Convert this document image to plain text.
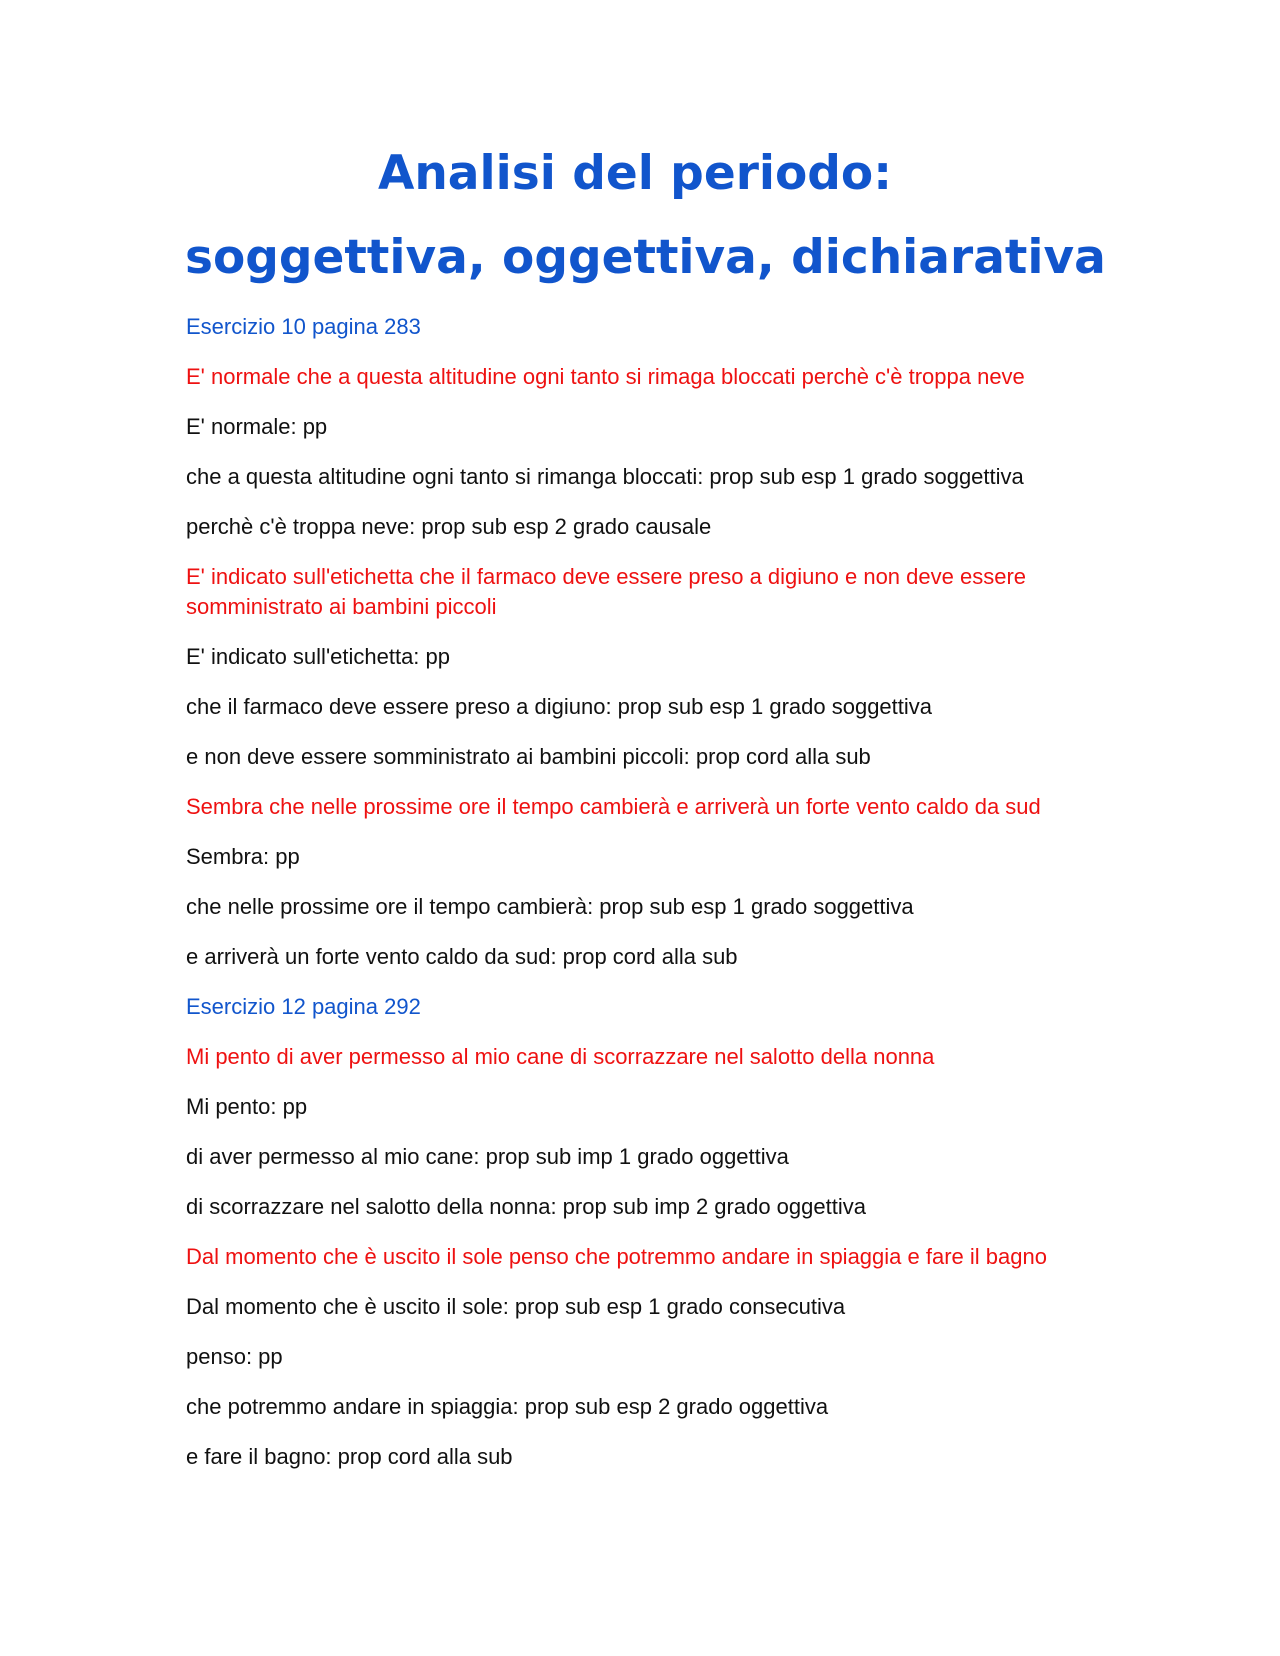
Analisi del periodo:
soggettiva, oggettiva, dichiarativa

Esercizio 10 pagina 283

E' normale che a questa altitudine ogni tanto si rimaga bloccati perchè c'è troppa neve

E' normale: pp

che a questa altitudine ogni tanto si rimanga bloccati: prop sub esp 1 grado soggettiva

perchè c'è troppa neve: prop sub esp 2 grado causale

E' indicato sull'etichetta che il farmaco deve essere preso a digiuno e non deve essere somministrato ai bambini piccoli

E' indicato sull'etichetta: pp

che il farmaco deve essere preso a digiuno: prop sub esp 1 grado soggettiva

e non deve essere somministrato ai bambini piccoli: prop cord alla sub

Sembra che nelle prossime ore il tempo cambierà e arriverà un forte vento caldo da sud

Sembra: pp

che nelle prossime ore il tempo cambierà: prop sub esp 1 grado soggettiva

e arriverà un forte vento caldo da sud: prop cord alla sub

Esercizio 12 pagina 292

Mi pento di aver permesso al mio cane di scorrazzare nel salotto della nonna

Mi pento: pp

di aver permesso al mio cane: prop sub imp 1 grado oggettiva

di scorrazzare nel salotto della nonna: prop sub imp 2 grado oggettiva

Dal momento che è uscito il sole penso che potremmo andare in spiaggia e fare il bagno

Dal momento che è uscito il sole: prop sub esp 1 grado consecutiva

penso: pp

che potremmo andare in spiaggia: prop sub esp 2 grado oggettiva

e fare il bagno: prop cord alla sub
